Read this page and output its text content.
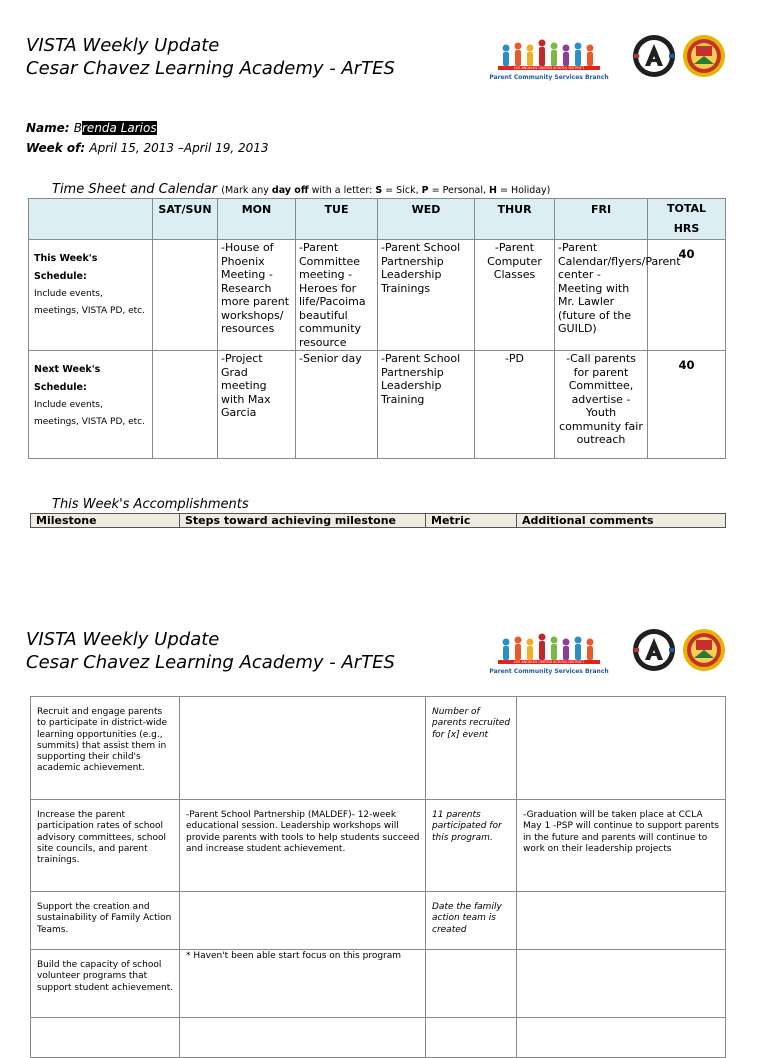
VISTA Weekly Update
Cesar Chavez Learning Academy - ArTES	LOS ANGELES UNIFIED SCHOOL DISTRICT
Parent Community Services Branch
Name: Brenda Larios
Week of: April 15, 2013 –April 19, 2013
Time Sheet and Calendar (Mark any day off with a letter: S = Sick, P = Personal, H = Holiday)
	SAT/SUN	MON	TUE	WED	THUR	FRI	TOTAL HRS
This Week's Schedule:
Include events, meetings, VISTA PD, etc.		-House of Phoenix Meeting -Research more parent workshops/ resources	-Parent Committee meeting -Heroes for life/Pacoima beautiful community resource	-Parent School Partnership Leadership Trainings	-Parent Computer Classes	-Parent Calendar/flyers/Parent center -Meeting with Mr. Lawler (future of the GUILD)	40
Next Week's Schedule:
Include events, meetings, VISTA PD, etc.		-Project Grad meeting with Max Garcia	-Senior day	-Parent School Partnership Leadership Training	-PD	-Call parents for parent Committee, advertise -Youth community fair outreach	40
This Week's Accomplishments
Milestone	Steps toward achieving milestone	Metric	Additional comments
VISTA Weekly Update
Cesar Chavez Learning Academy - ArTES	LOS ANGELES UNIFIED SCHOOL DISTRICT
Parent Community Services Branch
Recruit and engage parents to participate in district-wide learning opportunities (e.g., summits) that assist them in supporting their child's academic achievement.		Number of parents recruited for [x] event	
Increase the parent participation rates of school advisory committees, school site councils, and parent trainings.	-Parent School Partnership (MALDEF)- 12-week educational session. Leadership workshops will provide parents with tools to help students succeed and increase student achievement.	11 parents participated for this program.	-Graduation will be taken place at CCLA May 1 -PSP will continue to support parents in the future and parents will continue to work on their leadership projects
Support the creation and sustainability of Family Action Teams.		Date the family action team is created	
Build the capacity of school volunteer programs that support student achievement.	* Haven't been able start focus on this program		
